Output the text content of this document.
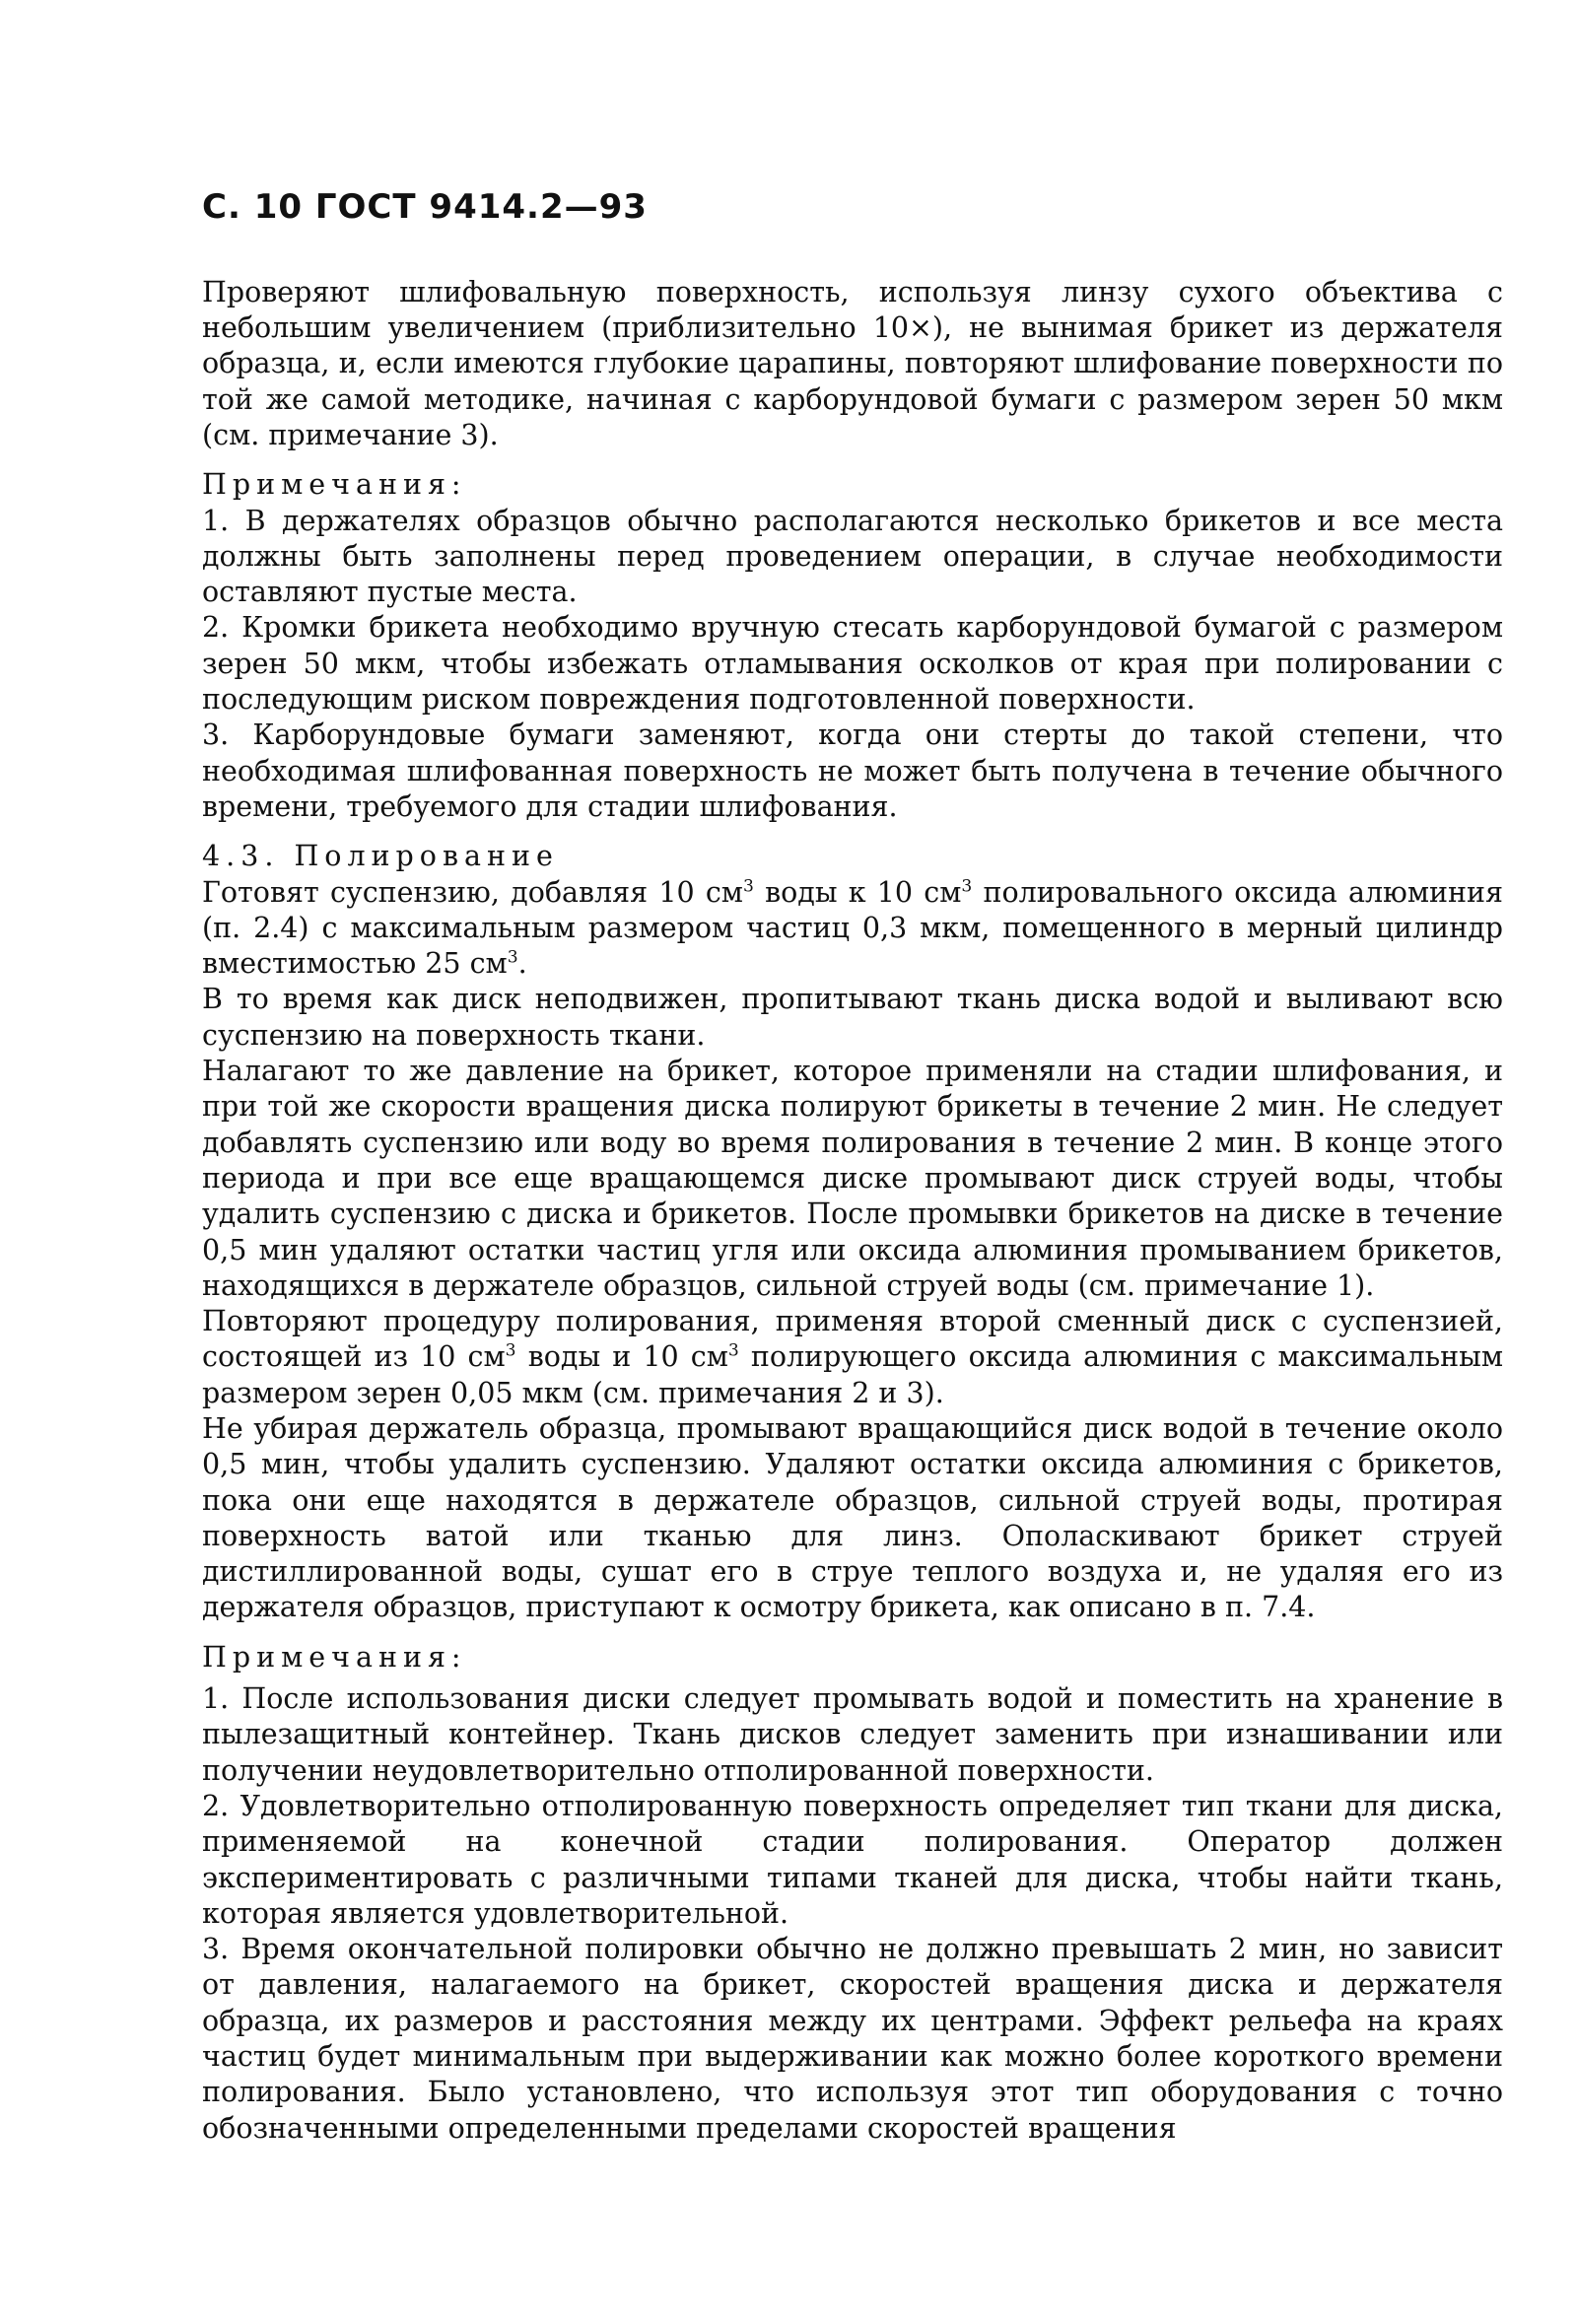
С. 10 ГОСТ 9414.2—93

Проверяют шлифовальную поверхность, используя линзу сухого объектива с небольшим увеличением (приблизительно 10×), не вынимая брикет из держателя образца, и, если имеются глубокие царапины, повторяют шлифование поверхности по той же самой методике, начиная с карборундовой бумаги с размером зерен 50 мкм (см. примечание 3).

Примечания:

1. В держателях образцов обычно располагаются несколько брикетов и все места должны быть заполнены перед проведением операции, в случае необходимости оставляют пустые места.

2. Кромки брикета необходимо вручную стесать карборундовой бумагой с размером зерен 50 мкм, чтобы избежать отламывания осколков от края при полировании с последующим риском повреждения подготовленной поверхности.

3. Карборундовые бумаги заменяют, когда они стерты до такой степени, что необходимая шлифованная поверхность не может быть получена в течение обычного времени, требуемого для стадии шлифования.

4.3. Полирование

Готовят суспензию, добавляя 10 $см^3$ воды к 10 $см^3$ полировального оксида алюминия (п. 2.4) с максимальным размером частиц 0,3 мкм, помещенного в мерный цилиндр вместимостью 25 $см^3$.

В то время как диск неподвижен, пропитывают ткань диска водой и выливают всю суспензию на поверхность ткани.

Налагают то же давление на брикет, которое применяли на стадии шлифования, и при той же скорости вращения диска полируют брикеты в течение 2 мин. Не следует добавлять суспензию или воду во время полирования в течение 2 мин. В конце этого периода и при все еще вращающемся диске промывают диск струей воды, чтобы удалить суспензию с диска и брикетов. После промывки брикетов на диске в течение 0,5 мин удаляют остатки частиц угля или оксида алюминия промыванием брикетов, находящихся в держателе образцов, сильной струей воды (см. примечание 1).

Повторяют процедуру полирования, применяя второй сменный диск с суспензией, состоящей из 10 $см^3$ воды и 10 $см^3$ полирующего оксида алюминия с максимальным размером зерен 0,05 мкм (см. примечания 2 и 3).

Не убирая держатель образца, промывают вращающийся диск водой в течение около 0,5 мин, чтобы удалить суспензию. Удаляют остатки оксида алюминия с брикетов, пока они еще находятся в держателе образцов, сильной струей воды, протирая поверхность ватой или тканью для линз. Ополаскивают брикет струей дистиллированной воды, сушат его в струе теплого воздуха и, не удаляя его из держателя образцов, приступают к осмотру брикета, как описано в п. 7.4.

Примечания:

1. После использования диски следует промывать водой и поместить на хранение в пылезащитный контейнер. Ткань дисков следует заменить при изнашивании или получении неудовлетворительно отполированной поверхности.

2. Удовлетворительно отполированную поверхность определяет тип ткани для диска, применяемой на конечной стадии полирования. Оператор должен экспериментировать с различными типами тканей для диска, чтобы найти ткань, которая является удовлетворительной.

3. Время окончательной полировки обычно не должно превышать 2 мин, но зависит от давления, налагаемого на брикет, скоростей вращения диска и держателя образца, их размеров и расстояния между их центрами. Эффект рельефа на краях частиц будет минимальным при выдерживании как можно более короткого времени полирования. Было установлено, что используя этот тип оборудования с точно обозначенными определенными пределами скоростей вращения
